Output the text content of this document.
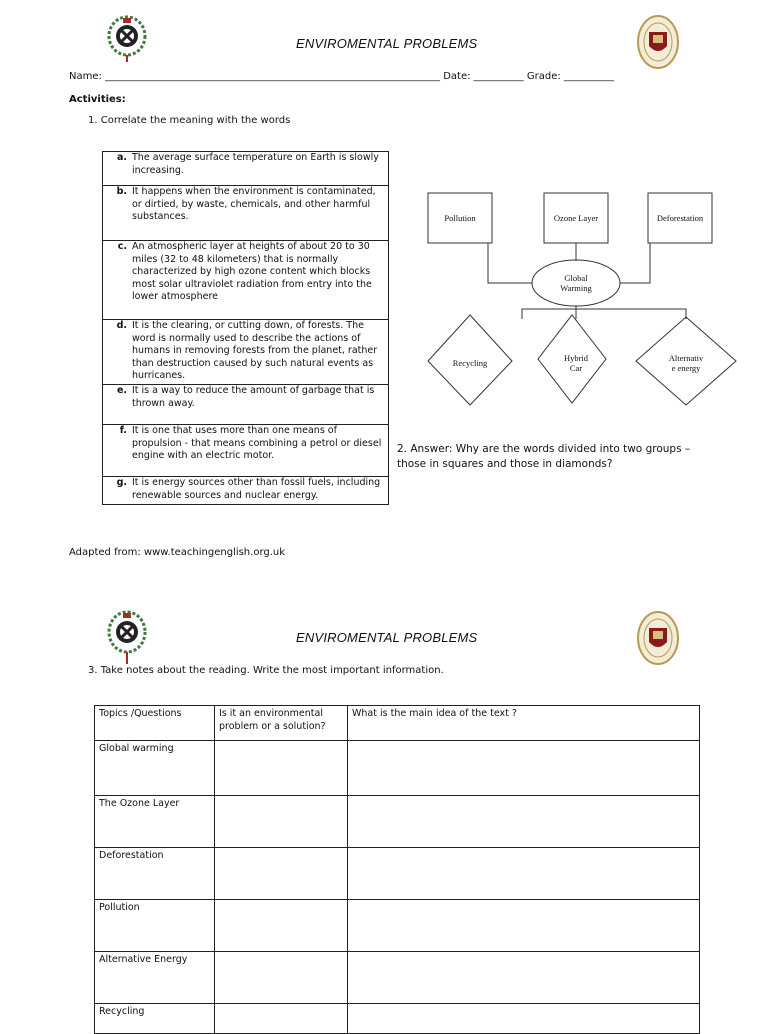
ENVIROMENTAL PROBLEMS
Name: ___________________________________________________________________ Date: __________ Grade: __________
Activities:
1. Correlate the meaning with the words
a.	The average surface temperature on Earth is slowly increasing.
b.	It happens when the environment is contaminated, or dirtied, by waste, chemicals, and other harmful substances.
c.	An atmospheric layer at heights of about 20 to 30 miles (32 to 48 kilometers) that is normally characterized by high ozone content which blocks most solar ultraviolet radiation from entry into the lower atmosphere
d.	It is the clearing, or cutting down, of forests. The word is normally used to describe the actions of humans in removing forests from the planet, rather than destruction caused by such natural events as hurricanes.
e.	It is a way to reduce the amount of garbage that is thrown away.
f.	It is one that uses more than one means of propulsion - that means combining a petrol or diesel engine with an electric motor.
g.	It is energy sources other than fossil fuels, including renewable sources and nuclear energy.
Pollution	Ozone Layer	Deforestation
Global
Warming
Recycling	Hybrid
Car
Alternativ
e energy
2. Answer: Why are the words divided into two groups –
those in squares and those in diamonds?
Adapted from: www.teachingenglish.org.uk
ENVIROMENTAL PROBLEMS
3. Take notes about the reading. Write the most important information.
Topics /Questions	Is it an environmental problem or a solution?	What is the main idea of the text ?
Global warming		
The Ozone Layer		
Deforestation		
Pollution		
Alternative Energy		
Recycling		
